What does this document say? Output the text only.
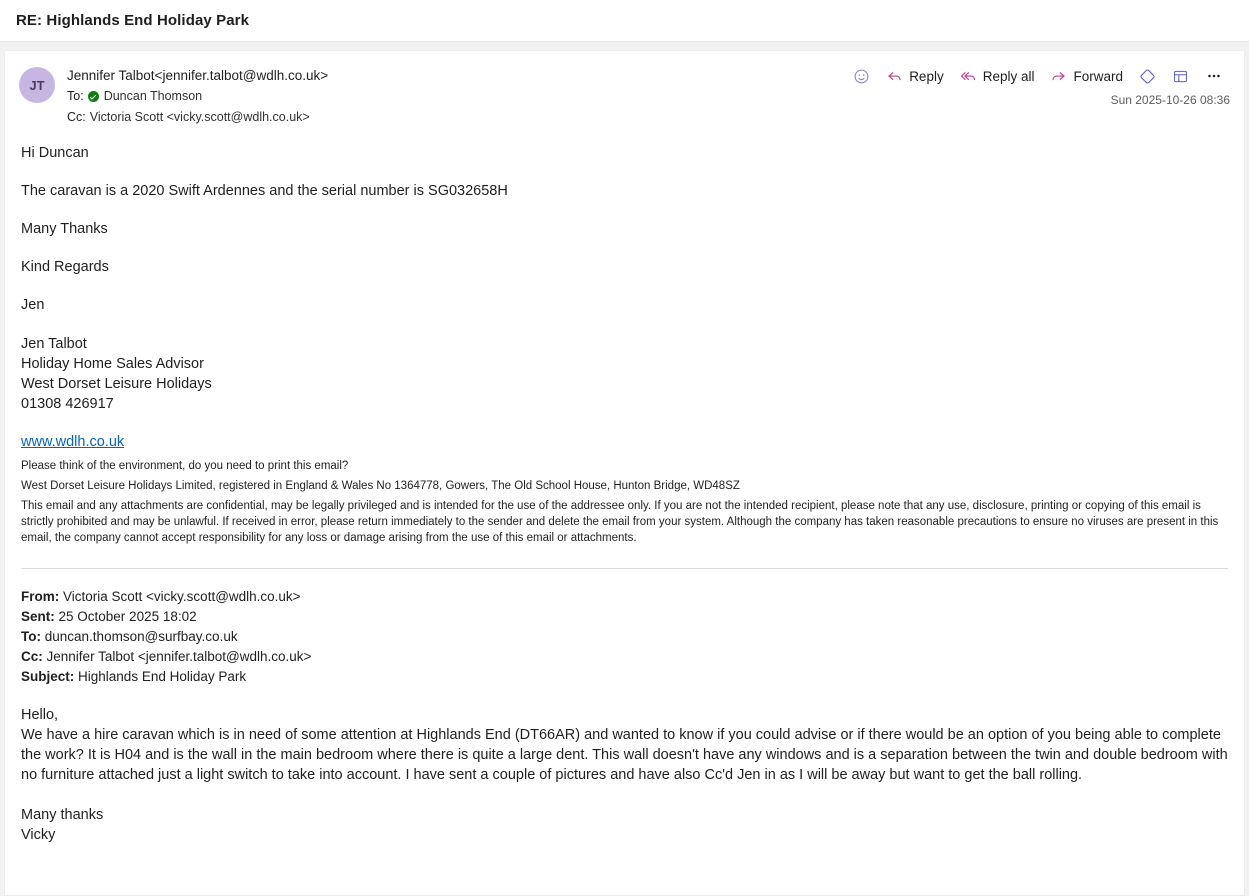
RE: Highlands End Holiday Park
JT
Jennifer Talbot<jennifer.talbot@wdlh.co.uk>
To: Duncan Thomson
Cc: Victoria Scott <vicky.scott@wdlh.co.uk>
Reply	Reply all	Forward
Sun 2025-10-26 08:36

Hi Duncan

The caravan is a 2020 Swift Ardennes and the serial number is SG032658H

Many Thanks

Kind Regards

Jen

Jen Talbot
Holiday Home Sales Advisor
West Dorset Leisure Holidays
01308 426917
www.wdlh.co.uk

Please think of the environment, do you need to print this email?

West Dorset Leisure Holidays Limited, registered in England & Wales No 1364778, Gowers, The Old School House, Hunton Bridge, WD48SZ

This email and any attachments are confidential, may be legally privileged and is intended for the use of the addressee only. If you are not the intended recipient, please note that any use, disclosure, printing or copying of this email is strictly prohibited and may be unlawful. If received in error, please return immediately to the sender and delete the email from your system. Although the company has taken reasonable precautions to ensure no viruses are present in this email, the company cannot accept responsibility for any loss or damage arising from the use of this email or attachments.

From: Victoria Scott <vicky.scott@wdlh.co.uk>
Sent: 25 October 2025 18:02
To: duncan.thomson@surfbay.co.uk
Cc: Jennifer Talbot <jennifer.talbot@wdlh.co.uk>
Subject: Highlands End Holiday Park

Hello,

We have a hire caravan which is in need of some attention at Highlands End (DT66AR) and wanted to know if you could advise or if there would be an option of you being able to complete the work? It is H04 and is the wall in the main bedroom where there is quite a large dent. This wall doesn't have any windows and is a separation between the twin and double bedroom with no furniture attached just a light switch to take into account. I have sent a couple of pictures and have also Cc'd Jen in as I will be away but want to get the ball rolling.

Many thanks

Vicky
